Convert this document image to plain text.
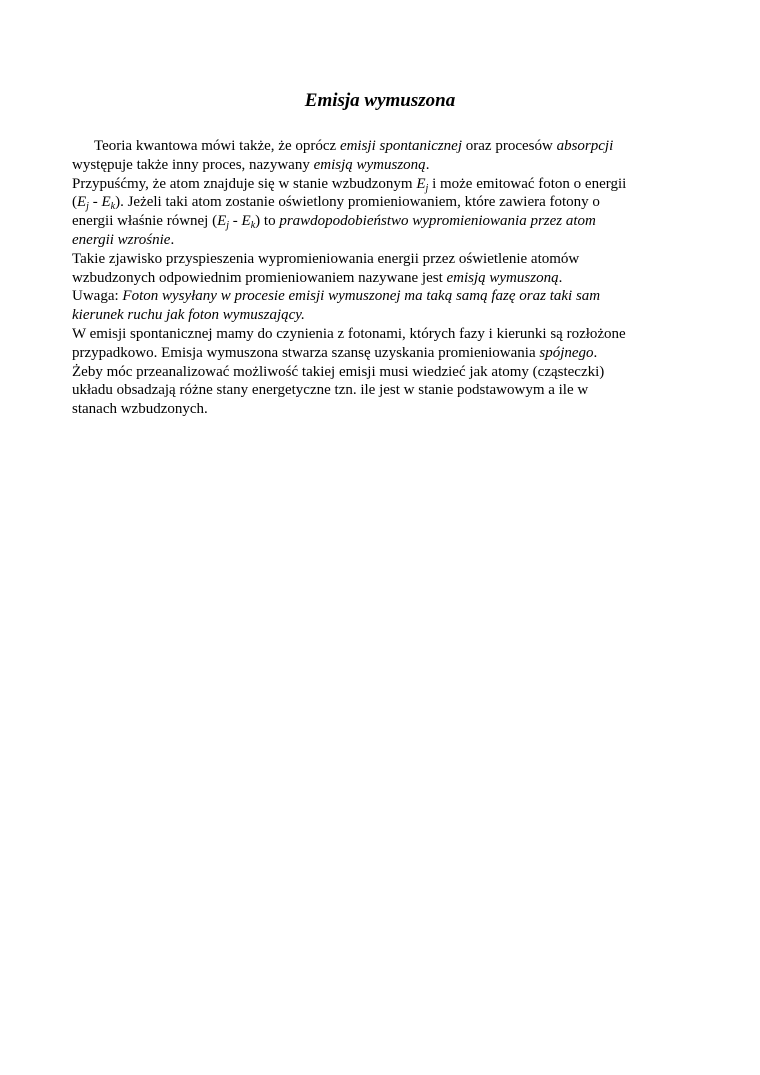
Emisja wymuszona
Teoria kwantowa mówi także, że oprócz emisji spontanicznej oraz procesów absorpcji
występuje także inny proces, nazywany emisją wymuszoną.
Przypuśćmy, że atom znajduje się w stanie wzbudzonym $E_j$ i może emitować foton o energii
$(E_j - E_k)$. Jeżeli taki atom zostanie oświetlony promieniowaniem, które zawiera fotony o
energii właśnie równej $(E_j - E_k)$ to prawdopodobieństwo wypromieniowania przez atom
energii wzrośnie.
Takie zjawisko przyspieszenia wypromieniowania energii przez oświetlenie atomów
wzbudzonych odpowiednim promieniowaniem nazywane jest emisją wymuszoną.
Uwaga: Foton wysyłany w procesie emisji wymuszonej ma taką samą fazę oraz taki sam
kierunek ruchu jak foton wymuszający.
W emisji spontanicznej mamy do czynienia z fotonami, których fazy i kierunki są rozłożone
przypadkowo. Emisja wymuszona stwarza szansę uzyskania promieniowania spójnego.
Żeby móc przeanalizować możliwość takiej emisji musi wiedzieć jak atomy (cząsteczki)
układu obsadzają różne stany energetyczne tzn. ile jest w stanie podstawowym a ile w
stanach wzbudzonych.
